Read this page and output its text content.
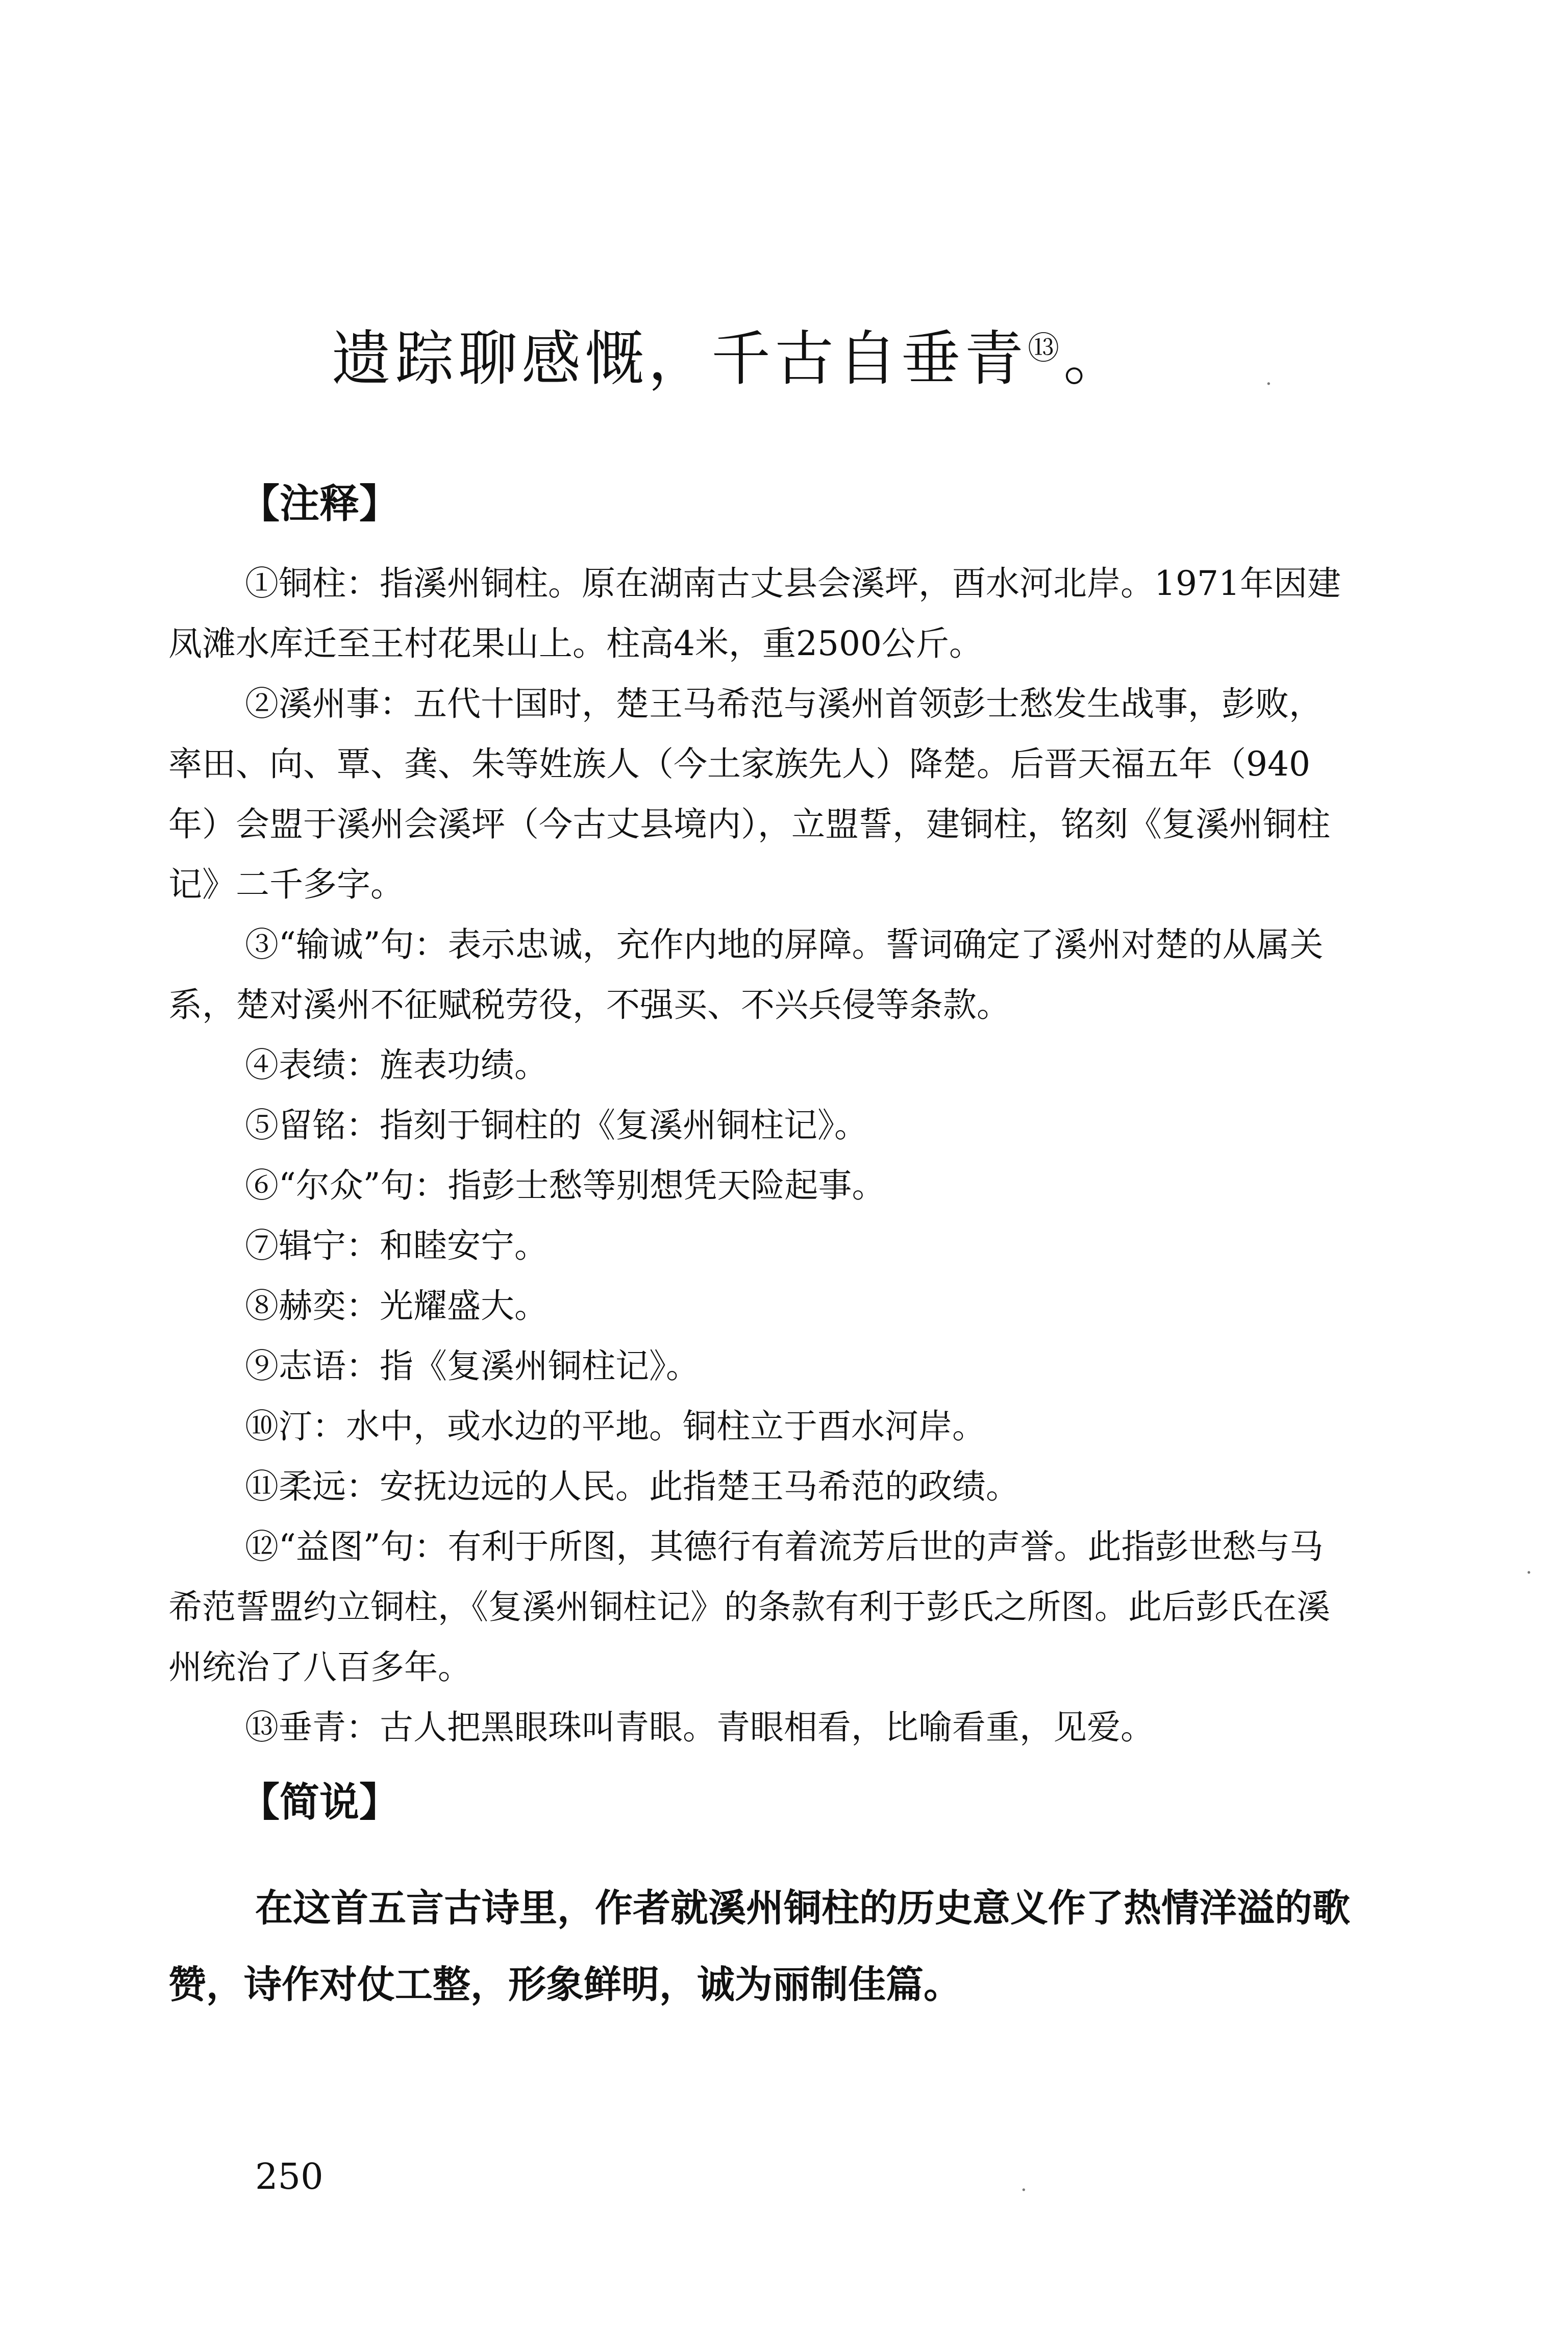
遗踪聊感慨，千古自垂青⑬。
【注释】

①铜柱：指溪州铜柱。原在湖南古丈县会溪坪，酉水河北岸。1971年因建凤滩水库迁至王村花果山上。柱高4米，重2500公斤。

②溪州事：五代十国时，楚王马希范与溪州首领彭士愁发生战事，彭败，率田、向、覃、龚、朱等姓族人（今土家族先人）降楚。后晋天福五年（940年）会盟于溪州会溪坪（今古丈县境内），立盟誓，建铜柱，铭刻《复溪州铜柱记》二千多字。

③“输诚”句：表示忠诚，充作内地的屏障。誓词确定了溪州对楚的从属关系，楚对溪州不征赋税劳役，不强买、不兴兵侵等条款。

④表绩：旌表功绩。

⑤留铭：指刻于铜柱的《复溪州铜柱记》。

⑥“尔众”句：指彭士愁等别想凭天险起事。

⑦辑宁：和睦安宁。

⑧赫奕：光耀盛大。

⑨志语：指《复溪州铜柱记》。

⑩汀：水中，或水边的平地。铜柱立于酉水河岸。

⑪柔远：安抚边远的人民。此指楚王马希范的政绩。

⑫“益图”句：有利于所图，其德行有着流芳后世的声誉。此指彭世愁与马希范誓盟约立铜柱，《复溪州铜柱记》的条款有利于彭氏之所图。此后彭氏在溪州统治了八百多年。

⑬垂青：古人把黑眼珠叫青眼。青眼相看，比喻看重，见爱。

【简说】

在这首五言古诗里，作者就溪州铜柱的历史意义作了热情洋溢的歌赞，诗作对仗工整，形象鲜明，诚为丽制佳篇。

250
·
·
·
